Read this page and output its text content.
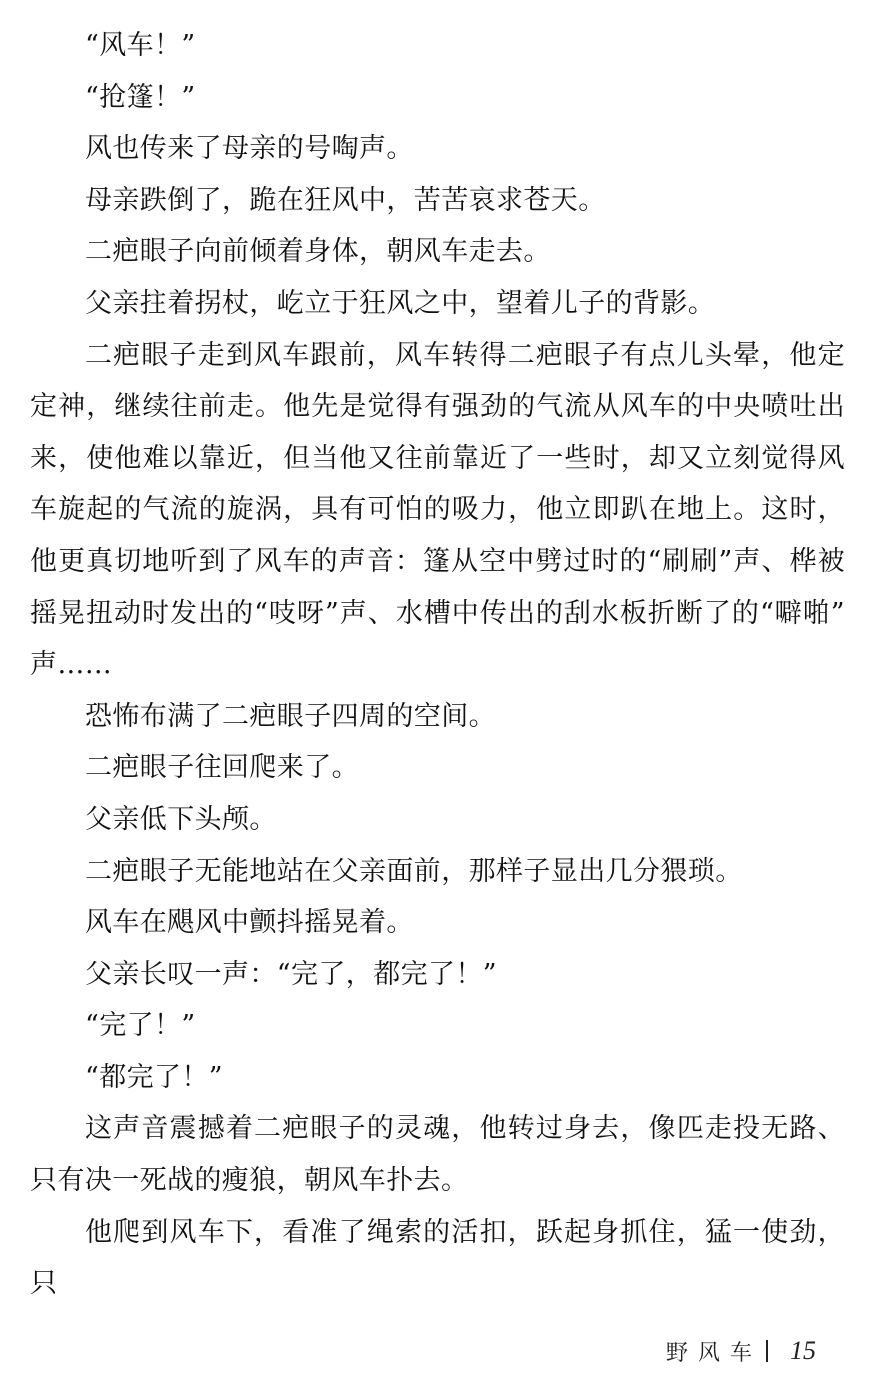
“风车！”

“抢篷！”

风也传来了母亲的号啕声。

母亲跌倒了，跪在狂风中，苦苦哀求苍天。

二疤眼子向前倾着身体，朝风车走去。

父亲拄着拐杖，屹立于狂风之中，望着儿子的背影。

二疤眼子走到风车跟前，风车转得二疤眼子有点儿头晕，他定定神，继续往前走。他先是觉得有强劲的气流从风车的中央喷吐出来，使他难以靠近，但当他又往前靠近了一些时，却又立刻觉得风车旋起的气流的旋涡，具有可怕的吸力，他立即趴在地上。这时，他更真切地听到了风车的声音：篷从空中劈过时的“刷刷”声、桦被摇晃扭动时发出的“吱呀”声、水槽中传出的刮水板折断了的“噼啪”声……

恐怖布满了二疤眼子四周的空间。

二疤眼子往回爬来了。

父亲低下头颅。

二疤眼子无能地站在父亲面前，那样子显出几分猥琐。

风车在飓风中颤抖摇晃着。

父亲长叹一声：“完了，都完了！”

“完了！”

“都完了！”

这声音震撼着二疤眼子的灵魂，他转过身去，像匹走投无路、只有决一死战的瘦狼，朝风车扑去。

他爬到风车下，看准了绳索的活扣，跃起身抓住，猛一使劲，只

野风车 15
